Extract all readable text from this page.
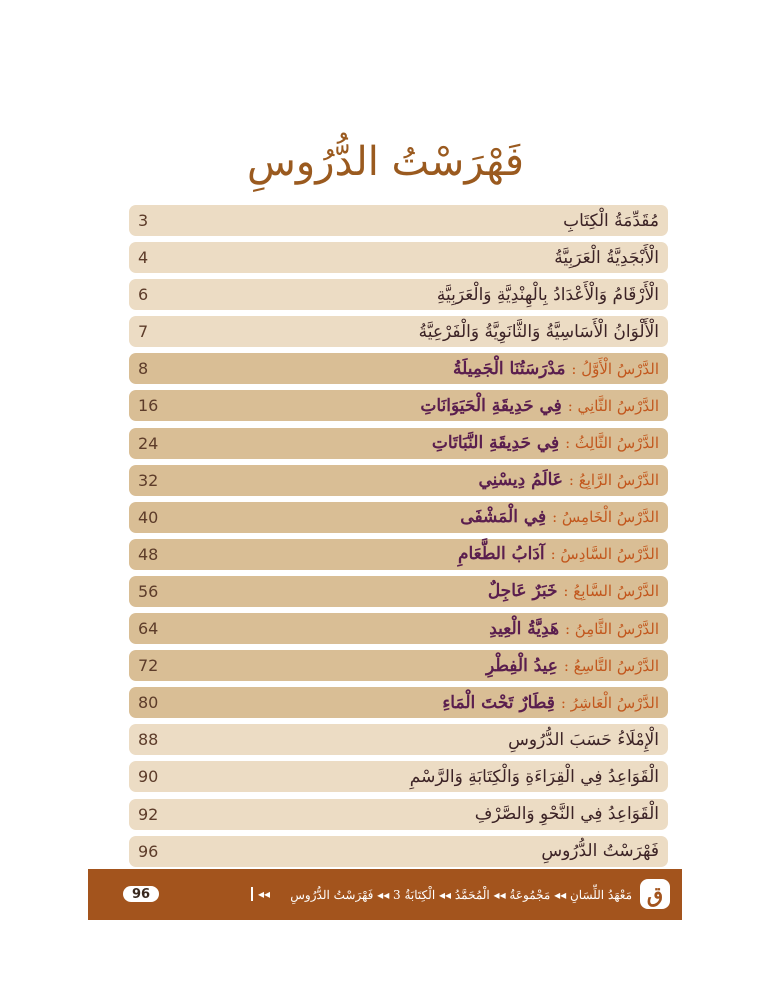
فَهْرَسْتُ الدُّرُوسِ
3	مُقَدِّمَةُ الْكِتَابِ
4	الْأَبْجَدِيَّةُ الْعَرَبِيَّةُ
6	الْأَرْقَامُ وَالْأَعْدَادُ بِالْهِنْدِيَّةِ وَالْعَرَبِيَّةِ
7	الْأَلْوَانُ الْأَسَاسِيَّةُ وَالثَّانَوِيَّةُ وَالْفَرْعِيَّةُ
8	الدَّرْسُ الْأَوَّلُ : مَدْرَسَتُنَا الْجَمِيلَةُ
16	الدَّرْسُ الثَّانِي : فِي حَدِيقَةِ الْحَيَوَانَاتِ
24	الدَّرْسُ الثَّالِثُ : فِي حَدِيقَةِ النَّبَاتَاتِ
32	الدَّرْسُ الرَّابِعُ : عَالَمُ دِيسْنِي
40	الدَّرْسُ الْخَامِسُ : فِي الْمَشْفَى
48	الدَّرْسُ السَّادِسُ : آدَابُ الطَّعَامِ
56	الدَّرْسُ السَّابِعُ : خَبَرٌ عَاجِلٌ
64	الدَّرْسُ الثَّامِنُ : هَدِيَّةُ الْعِيدِ
72	الدَّرْسُ التَّاسِعُ : عِيدُ الْفِطْرِ
80	الدَّرْسُ الْعَاشِرُ : قِطَارٌ تَحْتَ الْمَاءِ
88	الْإِمْلَاءُ حَسَبَ الدُّرُوسِ
90	الْقَوَاعِدُ فِي الْقِرَاءَةِ وَالْكِتَابَةِ وَالرَّسْمِ
92	الْقَوَاعِدُ فِي النَّحْوِ وَالصَّرْفِ
96	فَهْرَسْتُ الدُّرُوسِ
ق
مَعْهَدُ اللِّسَانِ ◂◂ مَجْمُوعَةُ ◂◂ الْمُحَمَّدُ ◂◂ الْكِتَابَةُ 3 ◂◂ فَهْرَسْتُ الدُّرُوسِ
◂◂
96
